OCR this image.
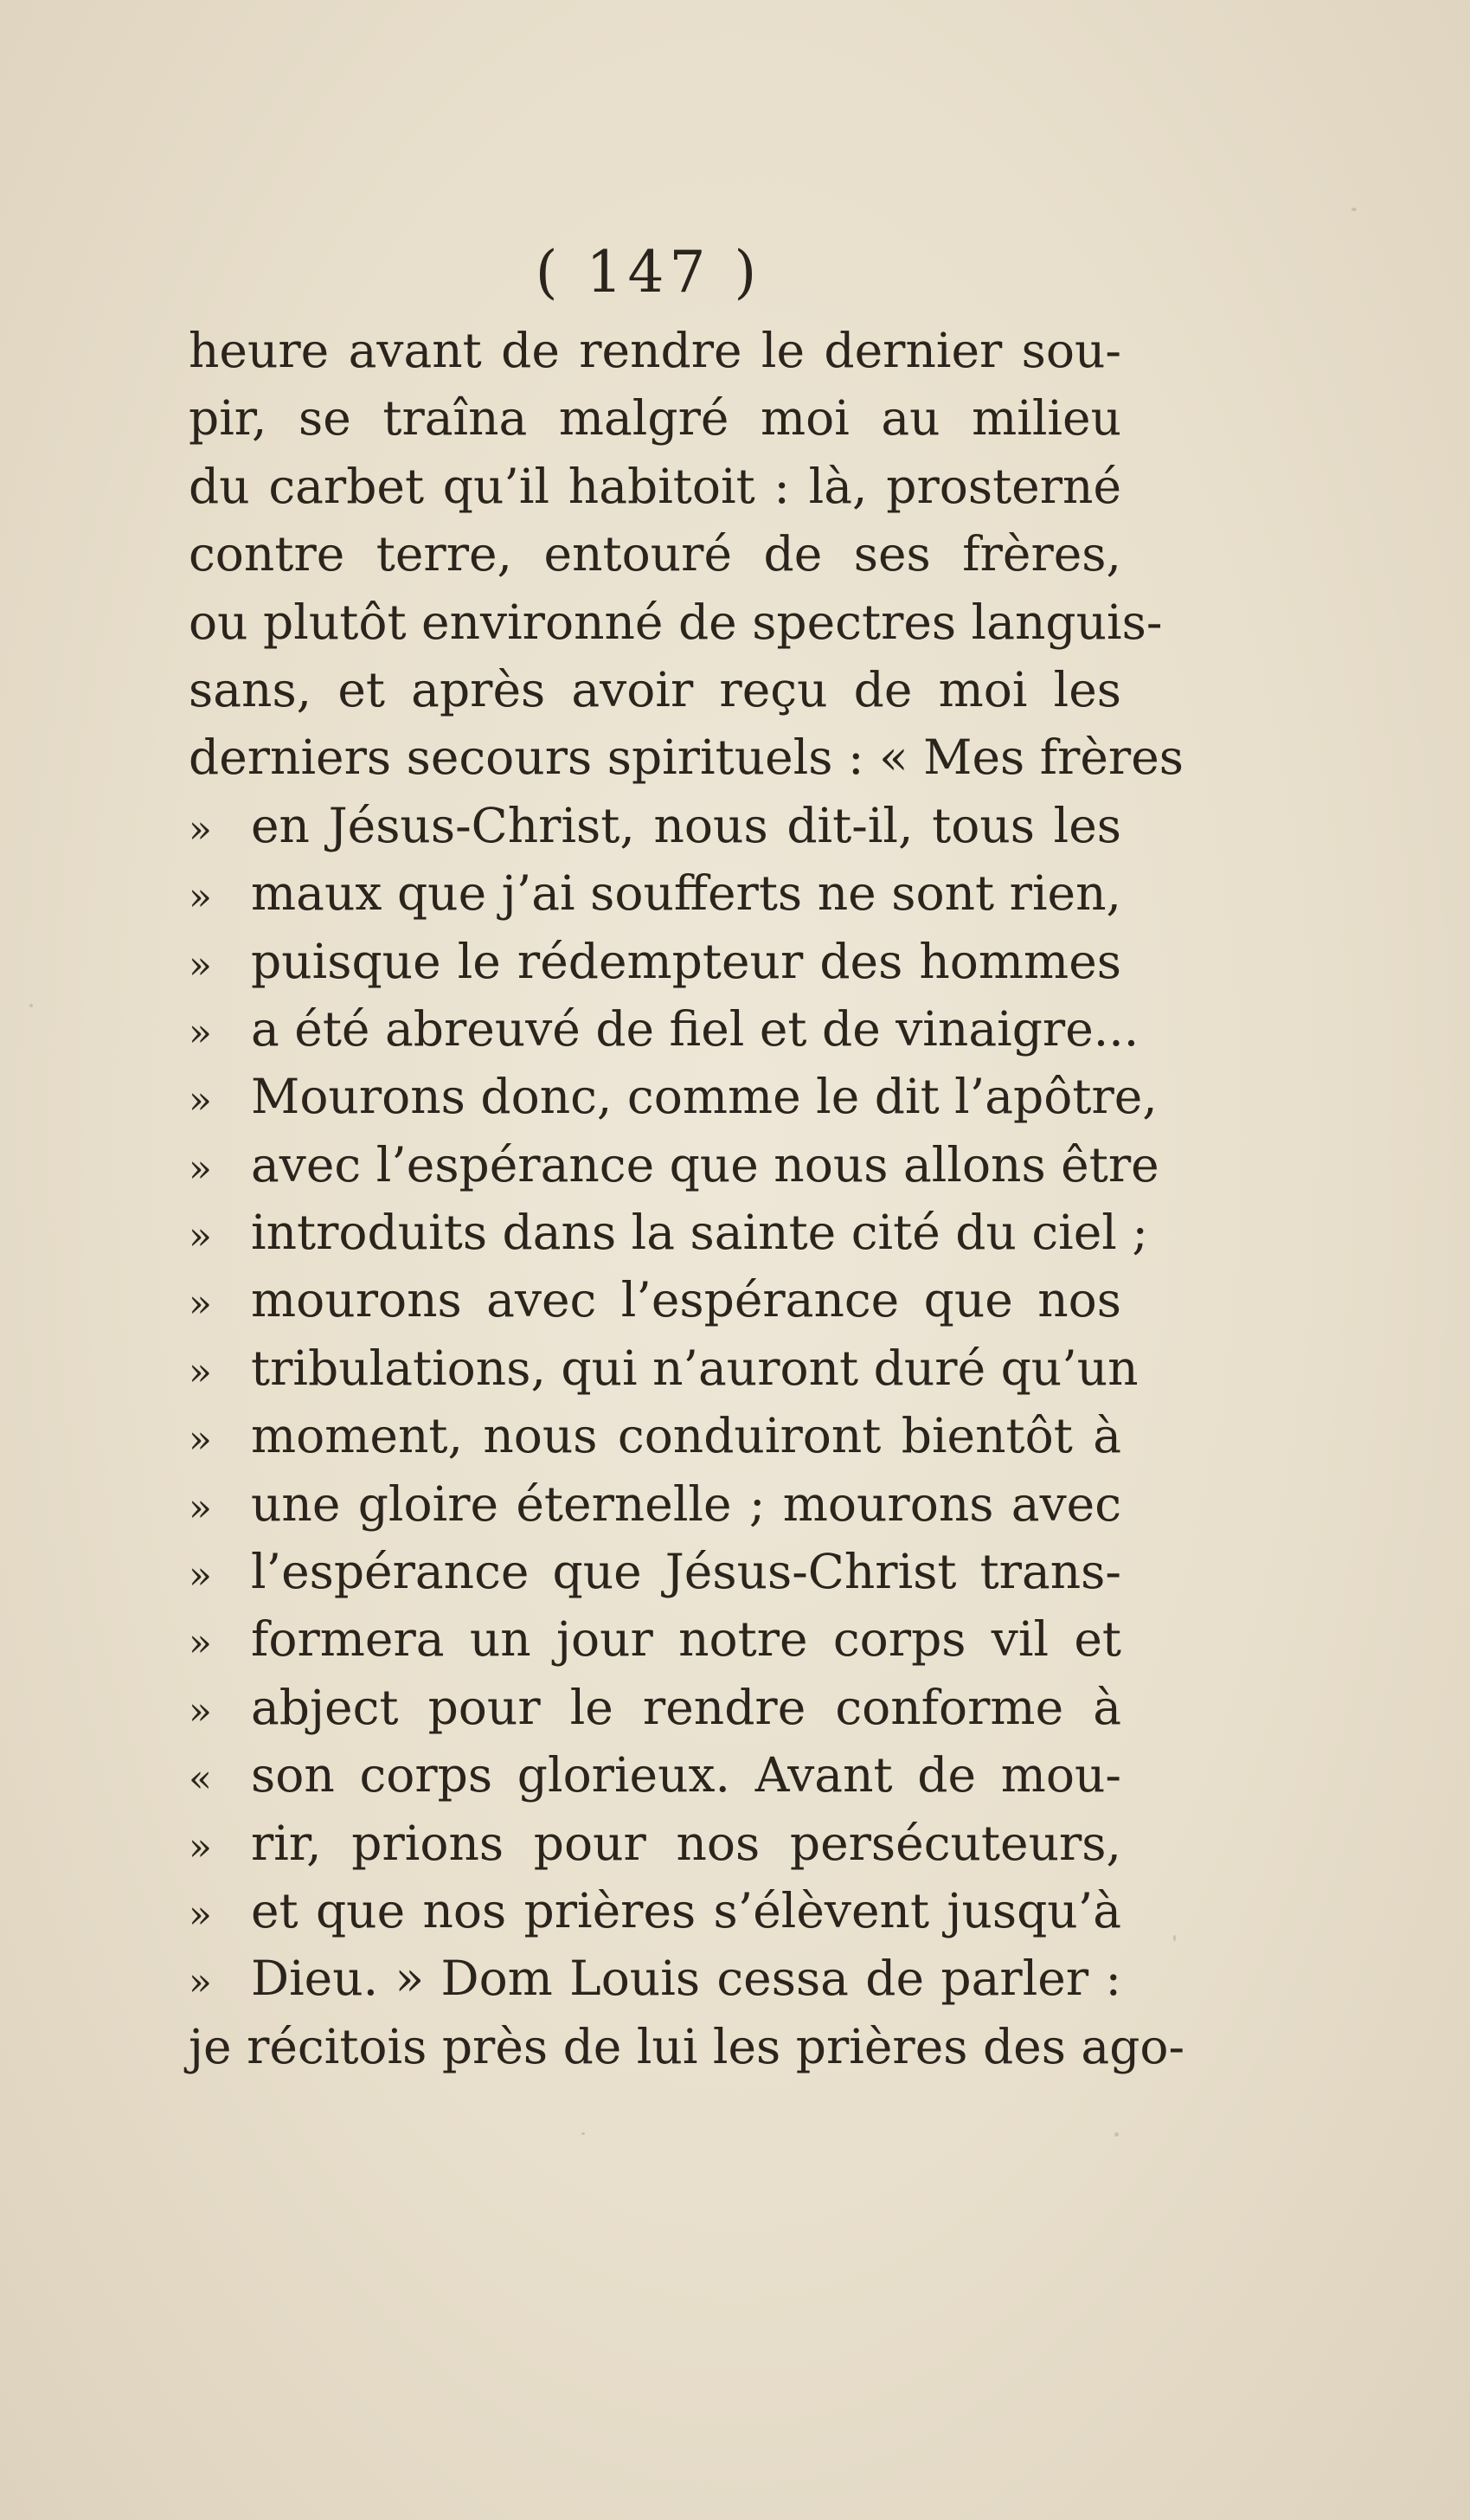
( 147 )
heure avant de rendre le dernier sou-
pir, se traîna malgré moi au milieu
du carbet qu’il habitoit : là, prosterné
contre terre, entouré de ses frères,
ou plutôt environné de spectres languis-
sans, et après avoir reçu de moi les
derniers secours spirituels : « Mes frères
» en Jésus-Christ, nous dit-il, tous les
» maux que j’ai soufferts ne sont rien,
» puisque le rédempteur des hommes
» a été abreuvé de fiel et de vinaigre...
» Mourons donc, comme le dit l’apôtre,
» avec l’espérance que nous allons être
» introduits dans la sainte cité du ciel ;
» mourons avec l’espérance que nos
» tribulations, qui n’auront duré qu’un
» moment, nous conduiront bientôt à
» une gloire éternelle ; mourons avec
» l’espérance que Jésus-Christ trans-
» formera un jour notre corps vil et
» abject pour le rendre conforme à
« son corps glorieux. Avant de mou-
» rir, prions pour nos persécuteurs,
» et que nos prières s’élèvent jusqu’à
» Dieu. » Dom Louis cessa de parler :
je récitois près de lui les prières des ago-
